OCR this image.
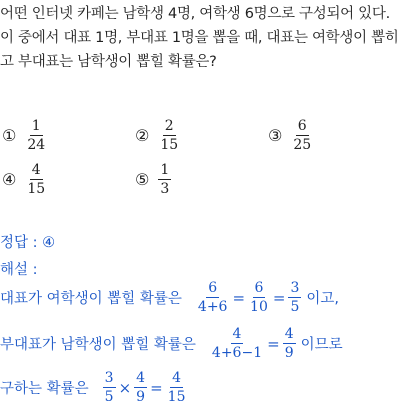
어떤 인터넷 카페는 남학생 4명, 여학생 6명으로 구성되어 있다.
이 중에서 대표 1명, 부대표 1명을 뽑을 때, 대표는 여학생이 뽑히
고 부대표는 남학생이 뽑힐 확률은?
① $\frac{1}{24}$	② $\frac{2}{15}$	③ $\frac{6}{25}$
④ $\frac{4}{15}$	⑤ $\frac{1}{3}$
정답 : ④
해설 :
대표가 여학생이 뽑힐 확률은 $\frac{6}{4+6} = \frac{6}{10} = \frac{3}{5}$ 이고,
부대표가 남학생이 뽑힐 확률은 $\frac{4}{4+6-1} = \frac{4}{9}$ 이므로
구하는 확률은 $\frac{3}{5} \times \frac{4}{9} = \frac{4}{15}$
